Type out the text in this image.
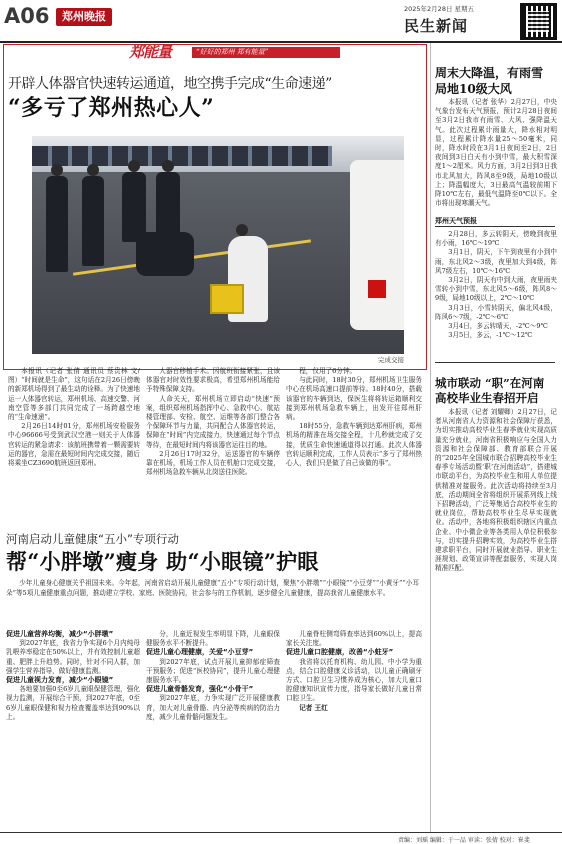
A06	郑州晚报
2025年2月28日 星期五
民生新闻
郑能量	“好好的郑州 郑有能量”
开辟人体器官快速转运通道，地空携手完成“生命速递”
“多亏了郑州热心人”
完成交接

本报讯（记者 张倩 通讯员 蔡贵林 文/图）“时间就是生命”，这句话在2月26日傍晚的新郑机场得到了最生动的诠释。为了快速地运一人体器官转运，郑州机场、高速交警、河南空管等多部门共同完成了一场跨越空地的“生命速递”。

2月26日14时01分，郑州机场安检服务中心96666号受到武汉空港一则关于人体器官转运的紧急请求：该航班携带着一颗需要转运的器官，急需在最短时间内完成交接，随后将乘坐CZ3690航班返回郑州。

人器官移植手术。因航班衔接紧张，且该体器官对时效性要求极高，希望郑州机场能给予特殊保障支持。

人命关天，郑州机场立即启动“快速”预案，组织郑州机场指挥中心、急救中心、航站楼管理部、安检、航空、运维等各部门整合各个保障环节与力量，共同配合人体器官转运，保障在“时间”内完成接力，快速通过每个节点等待，在最短时间内将该器官运往目的地。

2月26日17时32分，运送器官的车辆停靠在机场，机场工作人员在机舱口完成交接，郑州机场急救车辆从北岗送往医院。

程，仅用了6分钟。

与此同时，18时30分，郑州机场卫生服务中心在机场高速口提前等待。18时40分，搭载该器官的车辆到达，保医生将将转运箱顺利交接到郑州机场急救车辆上，出发开往郑州肝病。

18时55分，急救车辆到达郑州肝病，郑州机场的精准在场交接全程，十几秒就完成了交接，优质生命快速通道得以打通。此次人体器官转运顺利完成，工作人员表示“多亏了郑州热心人，我们只是做了自己该做的事”。

河南启动儿童健康“五小”专项行动
帮“小胖墩”瘦身 助“小眼镜”护眼
少年儿童身心健康关乎祖国未来。今年起，河南省启动开展儿童健康“五小”专项行动计划，聚焦“小胖墩”“小眼镜”“小豆芽”“小黄牙”“小耳朵”等5项儿童健康重点问题，推动建立学校、家庭、医院协同，社会参与的工作机制，逐步健全儿童健康，提高我省儿童健康水平。

促进儿童营养均衡，减少“小胖墩”

到2027年底，我省力争实现6个月内纯母乳喂养率稳定在50%以上，并有效控制儿童超重、肥胖上升趋势。同时，针对不同人群，加强学生营养指导，做好健康监测。

促进儿童视力发育，减少“小眼镜”

各地要加强0至6岁儿童眼保健管理，强化视力监测，开展综合干预，到2027年底，0至6岁儿童眼保健和视力检查覆盖率达到90%以上。

分，儿童近视发生率明显下降，儿童眼保健服务水平不断提升。

促进儿童心理健康，关爱“小豆芽”

到2027年底，试点开展儿童抑郁症筛查干预服务；促进“医校协同”，提升儿童心理健康服务水平。

促进儿童骨骼发育，强化“小骨干”

到2027年底，力争实现广泛开展健康教育，加大对儿童骨骼、内分泌等疾病的防治力度，减少儿童骨骼问题发生。

儿童脊柱侧弯筛查率达到60%以上，提高家长关注度。

促进儿童口腔健康，改善“小蛀牙”

我省将以托育机构、幼儿园、中小学为重点，结合口腔健康义诊活动，以儿童正确刷牙方式、口腔卫生习惯养成为核心，加大儿童口腔健康知识宣传力度，指导家长做好儿童日常口腔卫生。

记者 王红

周末大降温，有雨雪
局地10级大风

本报讯（记者 张华）2月27日，中央气象台发布天气预报，预计2月28日夜间至3月2日我市有雨雪、大风、强降温天气。此次过程累计雨量大，降水相对明显，过程累计降水量25～50毫米，同时，降水时段在3月1日夜间至2日，2日夜间到3日白天有小到中雪，最大积雪深度1～2厘米。风力方面，3月2日到3日我市北风加大，阵风8至9级，局地10级以上；降温幅度大，3日最高气温较前期下降10℃左右，最低气温降至0℃以下。全市将出现寒潮天气。

郑州天气预报

2月28日，多云转阴天，傍晚到夜里有小雨，16℃～19℃

3月1日，阴天，下午到夜里有小到中雨，东北风2～3级，夜里加大到4级，阵风7级左右，10℃～16℃

3月2日，阴天有中到大雨，夜里雨夹雪转小到中雪，东北风5～6级，阵风8～9级，局地10级以上，2℃～10℃

3月3日，小雪转阴天，偏北风4级，阵风6～7级，-2℃～6℃

3月4日，多云转晴天，-2℃～9℃

3月5日，多云，-1℃～12℃

城市联动 “职”在河南
高校毕业生春招开启

本报讯（记者 刘耀卿）2月27日，记者从河南省人力资源和社会保障厅获悉，为切实推动高校毕业生春季就业实现高质量充分就业，河南省积极响应与全国人力资源和社会保障部、教育部联合开展的“2025年全国城市联合招聘高校毕业生春季专场活动暨‘职’在河南活动”，搭建城市联动平台，为高校毕业生和用人单位提供精准对接服务。此次活动将持续至3月底，活动期间全省将组织开展系列线上线下招聘活动，广泛筹集适合高校毕业生的就业岗位，帮助高校毕业生尽早实现就业。活动中，各地将积极组织辖区内重点企业、中小微企业等各类用人单位积极参与，切实提升招聘实效，为高校毕业生搭建求职平台，同时开展就业指导、职业生涯规划、政策宣讲等配套服务，实现人岗精准匹配。

责编：刘瑶 编辑：于一品 审读：张倩 校对：崔斐
